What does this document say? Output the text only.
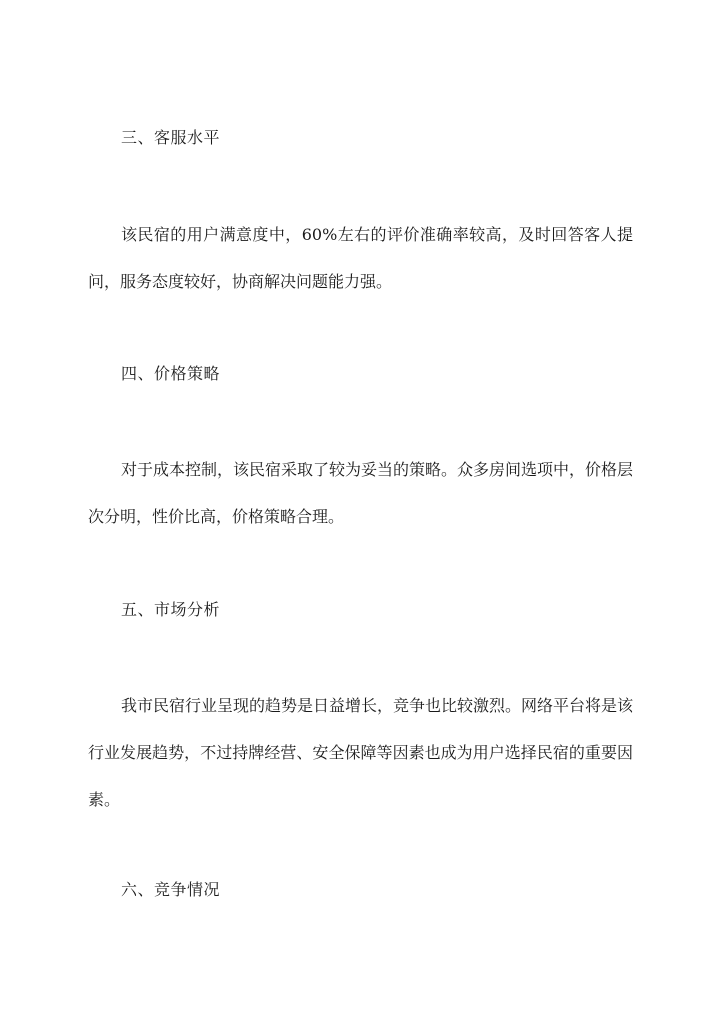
三、客服水平

该民宿的用户满意度中，60%左右的评价准确率较高，及时回答客人提问，服务态度较好，协商解决问题能力强。

四、价格策略

对于成本控制，该民宿采取了较为妥当的策略。众多房间选项中，价格层次分明，性价比高，价格策略合理。

五、市场分析

我市民宿行业呈现的趋势是日益增长，竞争也比较激烈。网络平台将是该行业发展趋势，不过持牌经营、安全保障等因素也成为用户选择民宿的重要因素。

六、竞争情况
